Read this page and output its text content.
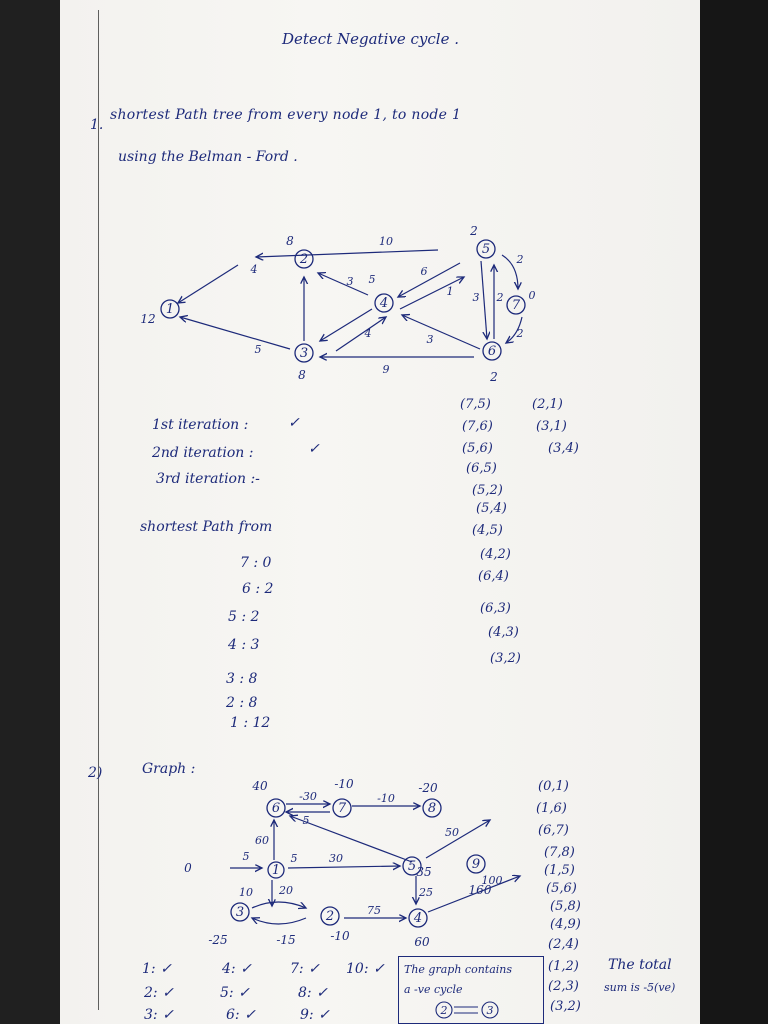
Detect Negative cycle .
1.
shortest Path tree from every node 1, to node 1
using the Belman - Ford .
1
2
3
4
5
6
7
12
8
8
2
2
10
4
5
3 5
6
1
4	3
9
3 2
2
2
0
1st iteration :	✓
2nd iteration :	✓
3rd iteration :-
shortest Path from
7 : 0
6 : 2
5 : 2
4 : 3
3 : 8
2 : 8
1 : 12
(7,5)
(7,6)
(5,6)
(6,5)
(5,2)
(5,4)
(4,5)
(4,2)
(6,4)
(6,3)
(4,3)
(3,2)
(2,1)
(3,1)
(3,4)
2)	Graph :
6	7	8
1	5	9
3	2	4
40	-10	-20
0	35
160
-25	-15	-10	60
-30
5
-10
50
60
5	30
5
20
10
75
25
100
(0,1)
(1,6)
(6,7)
(7,8)
(1,5)
(5,6)
(5,8)
(4,9)
(2,4)
(1,2)
(2,3)
(3,2)
1: ✓	4: ✓	7: ✓ 10: ✓
2: ✓	5: ✓	8: ✓
3: ✓	6: ✓	9: ✓
The graph contains
a -ve cycle
2	3
The total
sum is -5(ve)
